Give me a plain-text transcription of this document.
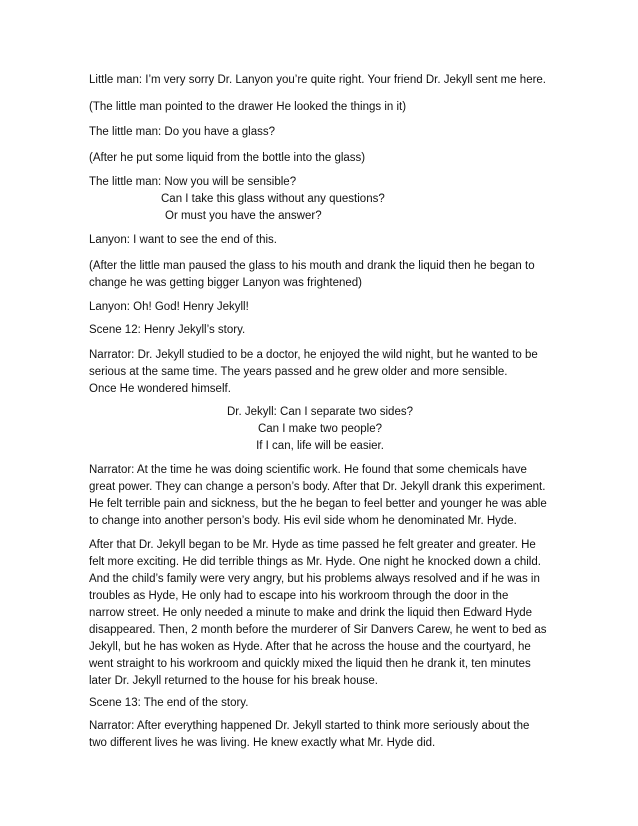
Little man: I’m very sorry Dr. Lanyon you’re quite right. Your friend Dr. Jekyll sent me here.

(The little man pointed to the drawer He looked the things in it)

The little man: Do you have a glass?

(After he put some liquid from the bottle into the glass)

The little man: Now you will be sensible?
Can I take this glass without any questions?
Or must you have the answer?

Lanyon: I want to see the end of this.

(After the little man paused the glass to his mouth and drank the liquid then he began to
change he was getting bigger Lanyon was frightened)

Lanyon: Oh! God! Henry Jekyll!

Scene 12: Henry Jekyll’s story.

Narrator: Dr. Jekyll studied to be a doctor, he enjoyed the wild night, but he wanted to be
serious at the same time. The years passed and he grew older and more sensible.
Once He wondered himself.

Dr. Jekyll: Can I separate two sides?
Can I make two people?
If I can, life will be easier.

Narrator: At the time he was doing scientific work. He found that some chemicals have
great power. They can change a person’s body. After that Dr. Jekyll drank this experiment.
He felt terrible pain and sickness, but the he began to feel better and younger he was able
to change into another person’s body. His evil side whom he denominated Mr. Hyde.

After that Dr. Jekyll began to be Mr. Hyde as time passed he felt greater and greater. He
felt more exciting. He did terrible things as Mr. Hyde. One night he knocked down a child.
And the child’s family were very angry, but his problems always resolved and if he was in
troubles as Hyde, He only had to escape into his workroom through the door in the
narrow street. He only needed a minute to make and drink the liquid then Edward Hyde
disappeared. Then, 2 month before the murderer of Sir Danvers Carew, he went to bed as
Jekyll, but he has woken as Hyde. After that he across the house and the courtyard, he
went straight to his workroom and quickly mixed the liquid then he drank it, ten minutes
later Dr. Jekyll returned to the house for his break house.

Scene 13: The end of the story.

Narrator: After everything happened Dr. Jekyll started to think more seriously about the
two different lives he was living. He knew exactly what Mr. Hyde did.
